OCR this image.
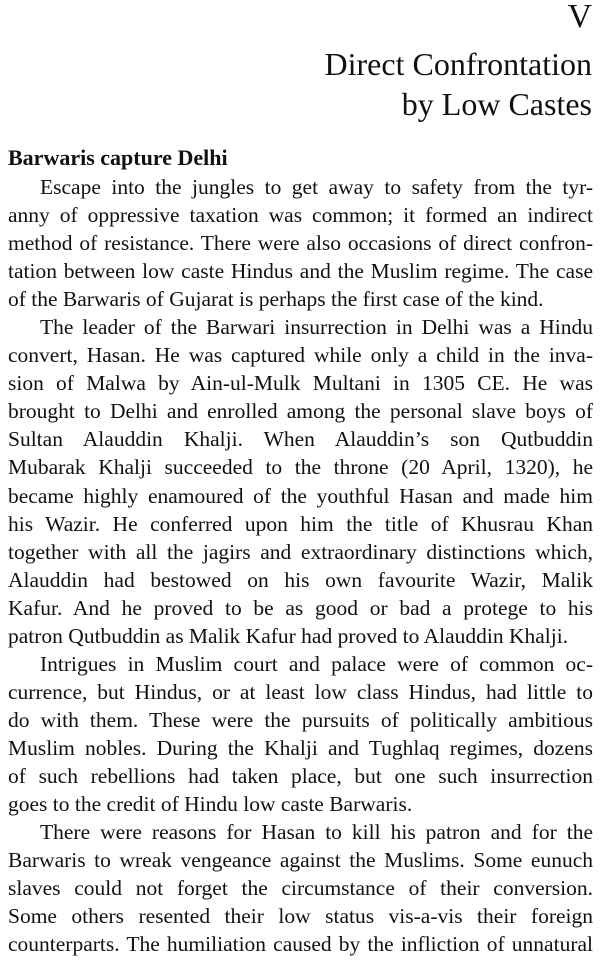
V
Direct Confrontation
by Low Castes
Barwaris capture Delhi
Escape into the jungles to get away to safety from the tyr-
anny of oppressive taxation was common; it formed an indirect
method of resistance. There were also occasions of direct confron-
tation between low caste Hindus and the Muslim regime. The case
of the Barwaris of Gujarat is perhaps the first case of the kind.
The leader of the Barwari insurrection in Delhi was a Hindu
convert, Hasan. He was captured while only a child in the inva-
sion of Malwa by Ain-ul-Mulk Multani in 1305 CE. He was
brought to Delhi and enrolled among the personal slave boys of
Sultan Alauddin Khalji. When Alauddin’s son Qutbuddin
Mubarak Khalji succeeded to the throne (20 April, 1320), he
became highly enamoured of the youthful Hasan and made him
his Wazir. He conferred upon him the title of Khusrau Khan
together with all the jagirs and extraordinary distinctions which,
Alauddin had bestowed on his own favourite Wazir, Malik
Kafur. And he proved to be as good or bad a protege to his
patron Qutbuddin as Malik Kafur had proved to Alauddin Khalji.
Intrigues in Muslim court and palace were of common oc-
currence, but Hindus, or at least low class Hindus, had little to
do with them. These were the pursuits of politically ambitious
Muslim nobles. During the Khalji and Tughlaq regimes, dozens
of such rebellions had taken place, but one such insurrection
goes to the credit of Hindu low caste Barwaris.
There were reasons for Hasan to kill his patron and for the
Barwaris to wreak vengeance against the Muslims. Some eunuch
slaves could not forget the circumstance of their conversion.
Some others resented their low status vis-a-vis their foreign
counterparts. The humiliation caused by the infliction of unnatural
